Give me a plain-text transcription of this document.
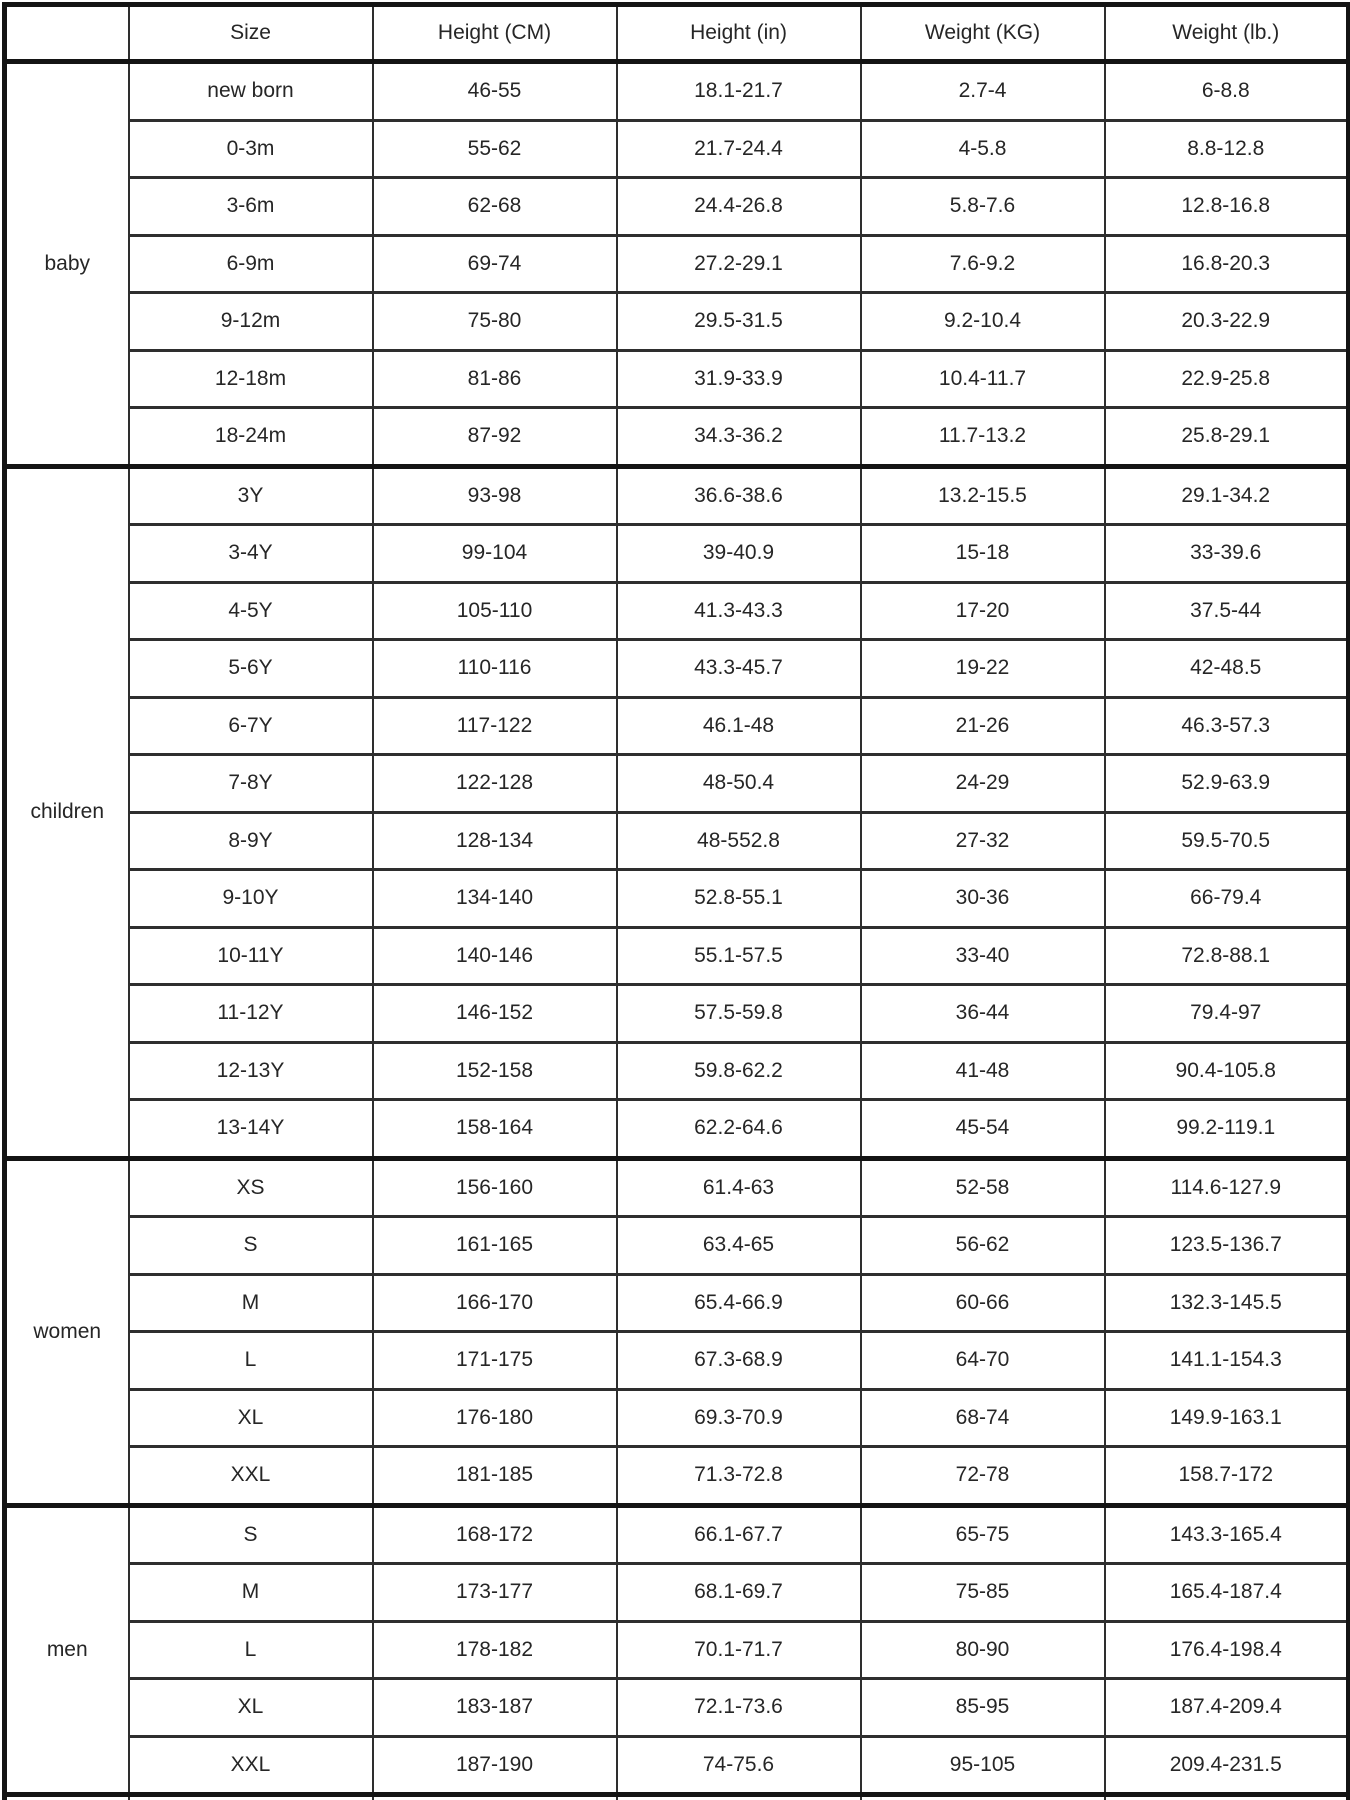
	Size	Height (CM)	Height (in)	Weight (KG)	Weight (lb.)
baby	new born	46-55	18.1-21.7	2.7-4	6-8.8
	0-3m	55-62	21.7-24.4	4-5.8	8.8-12.8
	3-6m	62-68	24.4-26.8	5.8-7.6	12.8-16.8
	6-9m	69-74	27.2-29.1	7.6-9.2	16.8-20.3
	9-12m	75-80	29.5-31.5	9.2-10.4	20.3-22.9
	12-18m	81-86	31.9-33.9	10.4-11.7	22.9-25.8
	18-24m	87-92	34.3-36.2	11.7-13.2	25.8-29.1
children	3Y	93-98	36.6-38.6	13.2-15.5	29.1-34.2
	3-4Y	99-104	39-40.9	15-18	33-39.6
	4-5Y	105-110	41.3-43.3	17-20	37.5-44
	5-6Y	110-116	43.3-45.7	19-22	42-48.5
	6-7Y	117-122	46.1-48	21-26	46.3-57.3
	7-8Y	122-128	48-50.4	24-29	52.9-63.9
	8-9Y	128-134	48-552.8	27-32	59.5-70.5
	9-10Y	134-140	52.8-55.1	30-36	66-79.4
	10-11Y	140-146	55.1-57.5	33-40	72.8-88.1
	11-12Y	146-152	57.5-59.8	36-44	79.4-97
	12-13Y	152-158	59.8-62.2	41-48	90.4-105.8
	13-14Y	158-164	62.2-64.6	45-54	99.2-119.1
women	XS	156-160	61.4-63	52-58	114.6-127.9
	S	161-165	63.4-65	56-62	123.5-136.7
	M	166-170	65.4-66.9	60-66	132.3-145.5
	L	171-175	67.3-68.9	64-70	141.1-154.3
	XL	176-180	69.3-70.9	68-74	149.9-163.1
	XXL	181-185	71.3-72.8	72-78	158.7-172
men	S	168-172	66.1-67.7	65-75	143.3-165.4
	M	173-177	68.1-69.7	75-85	165.4-187.4
	L	178-182	70.1-71.7	80-90	176.4-198.4
	XL	183-187	72.1-73.6	85-95	187.4-209.4
	XXL	187-190	74-75.6	95-105	209.4-231.5
